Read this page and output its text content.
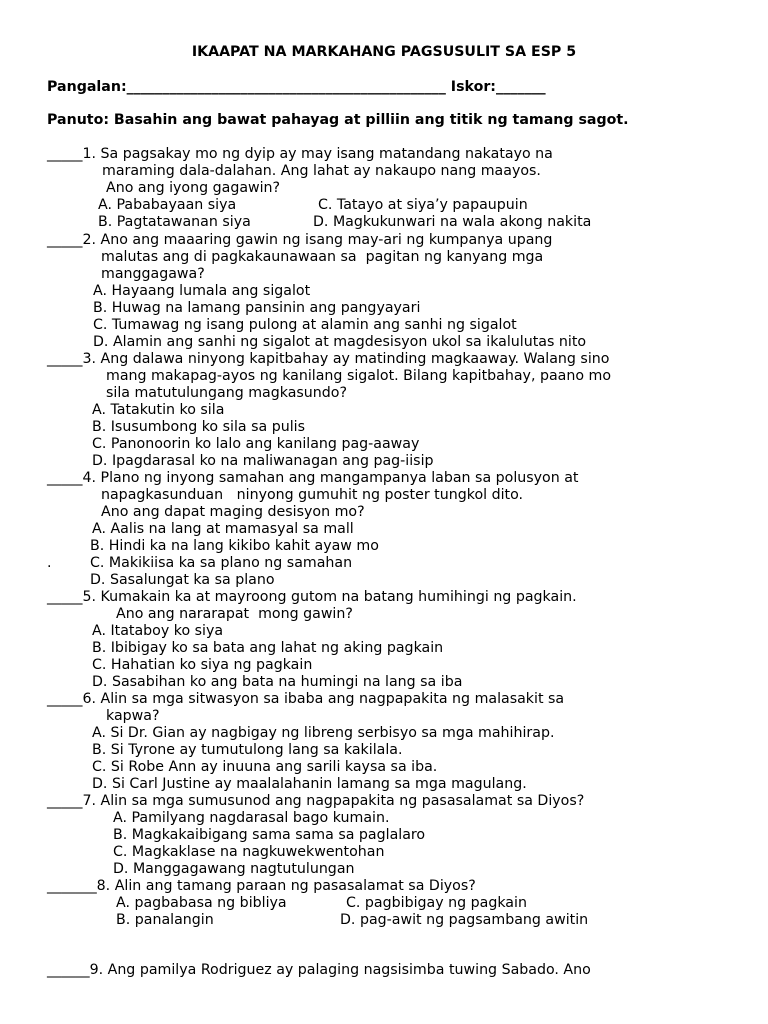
IKAAPAT NA MARKAHANG PAGSUSULIT SA ESP 5
Pangalan:_____________________________________________ Iskor:_______
Panuto: Basahin ang bawat pahayag at pilliin ang titik ng tamang sagot.
_____1. Sa pagsakay mo ng dyip ay may isang matandang nakatayo na
maraming dala-dalahan. Ang lahat ay nakaupo nang maayos.
Ano ang iyong gagawin?
A. Pababayaan siya	C. Tatayo at siya’y papaupuin
B. Pagtatawanan siya	D. Magkukunwari na wala akong nakita
_____2. Ano ang maaaring gawin ng isang may-ari ng kumpanya upang
malutas ang di pagkakaunawaan sa  pagitan ng kanyang mga
manggagawa?
A. Hayaang lumala ang sigalot
B. Huwag na lamang pansinin ang pangyayari
C. Tumawag ng isang pulong at alamin ang sanhi ng sigalot
D. Alamin ang sanhi ng sigalot at magdesisyon ukol sa ikalulutas nito
_____3. Ang dalawa ninyong kapitbahay ay matinding magkaaway. Walang sino
mang makapag-ayos ng kanilang sigalot. Bilang kapitbahay, paano mo
sila matutulungang magkasundo?
A. Tatakutin ko sila
B. Isusumbong ko sila sa pulis
C. Panonoorin ko lalo ang kanilang pag-aaway
D. Ipagdarasal ko na maliwanagan ang pag-iisip
_____4. Plano ng inyong samahan ang mangampanya laban sa polusyon at
napagkasunduan   ninyong gumuhit ng poster tungkol dito.
Ano ang dapat maging desisyon mo?
A. Aalis na lang at mamasyal sa mall
B. Hindi ka na lang kikibo kahit ayaw mo
.	C. Makikiisa ka sa plano ng samahan
D. Sasalungat ka sa plano
_____5. Kumakain ka at mayroong gutom na batang humihingi ng pagkain.
Ano ang nararapat  mong gawin?
A. Itataboy ko siya
B. Ibibigay ko sa bata ang lahat ng aking pagkain
C. Hahatian ko siya ng pagkain
D. Sasabihan ko ang bata na humingi na lang sa iba
_____6. Alin sa mga sitwasyon sa ibaba ang nagpapakita ng malasakit sa
kapwa?
A. Si Dr. Gian ay nagbigay ng libreng serbisyo sa mga mahihirap.
B. Si Tyrone ay tumutulong lang sa kakilala.
C. Si Robe Ann ay inuuna ang sarili kaysa sa iba.
D. Si Carl Justine ay maalalahanin lamang sa mga magulang.
_____7. Alin sa mga sumusunod ang nagpapakita ng pasasalamat sa Diyos?
A. Pamilyang nagdarasal bago kumain.
B. Magkakaibigang sama sama sa paglalaro
C. Magkaklase na nagkuwekwentohan
D. Manggagawang nagtutulungan
_______8. Alin ang tamang paraan ng pasasalamat sa Diyos?
A. pagbabasa ng bibliya	C. pagbibigay ng pagkain
B. panalangin	D. pag-awit ng pagsambang awitin
______9. Ang pamilya Rodriguez ay palaging nagsisimba tuwing Sabado. Ano
